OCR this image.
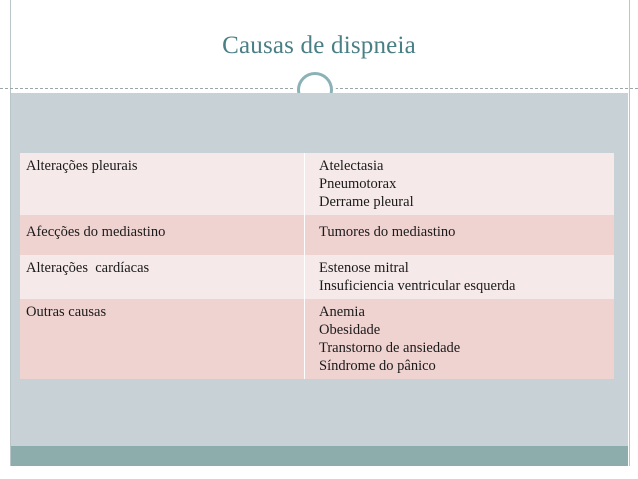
Causas de dispneia
Alterações pleurais	Atelectasia
Pneumotorax
Derrame pleural

Afecções do mediastino	Tumores do mediastino

Alterações  cardíacas	Estenose mitral
Insuficiencia ventricular esquerda

Outras causas	Anemia
Obesidade
Transtorno de ansiedade
Síndrome do pânico
